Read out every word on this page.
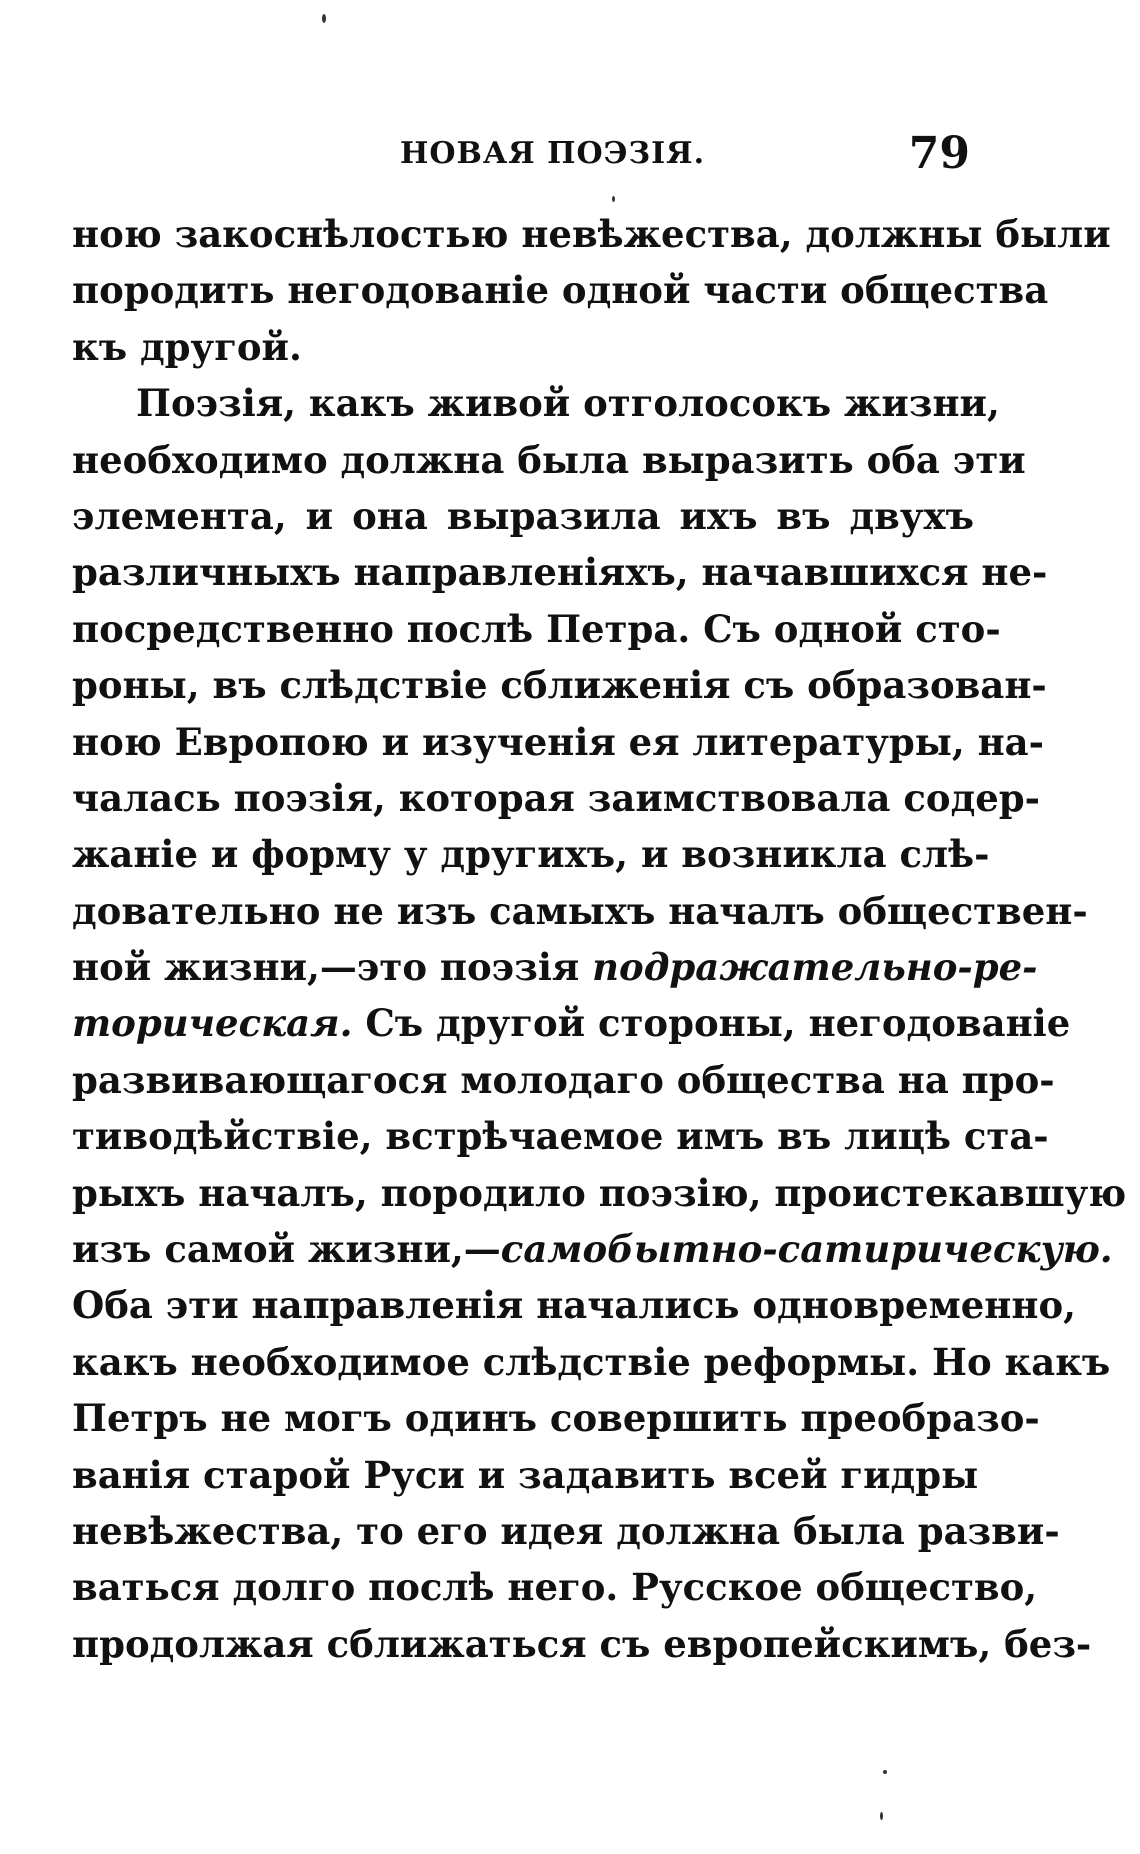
НОВАЯ ПОЭЗІЯ.	79
ною закоснѣлостью невѣжества, должны были
породить негодованіе одной части общества
къ другой.
Поэзія, какъ живой отголосокъ жизни,
необходимо должна была выразить оба эти
элемента, и она выразила ихъ въ двухъ
различныхъ направленіяхъ, начавшихся не-
посредственно послѣ Петра. Съ одной сто-
роны, въ слѣдствіе сближенія съ образован-
ною Европою и изученія ея литературы, на-
чалась поэзія, которая заимствовала содер-
жаніе и форму у другихъ, и возникла слѣ-
довательно не изъ самыхъ началъ обществен-
ной жизни,—это поэзія подражательно-ре-
торическая. Съ другой стороны, негодованіе
развивающагося молодаго общества на про-
тиводѣйствіе, встрѣчаемое имъ въ лицѣ ста-
рыхъ началъ, породило поэзію, проистекавшую
изъ самой жизни,—самобытно-сатирическую.
Оба эти направленія начались одновременно,
какъ необходимое слѣдствіе реформы. Но какъ
Петръ не могъ одинъ совершить преобразо-
ванія старой Руси и задавить всей гидры
невѣжества, то его идея должна была разви-
ваться долго послѣ него. Русское общество,
продолжая сближаться съ европейскимъ, без-
